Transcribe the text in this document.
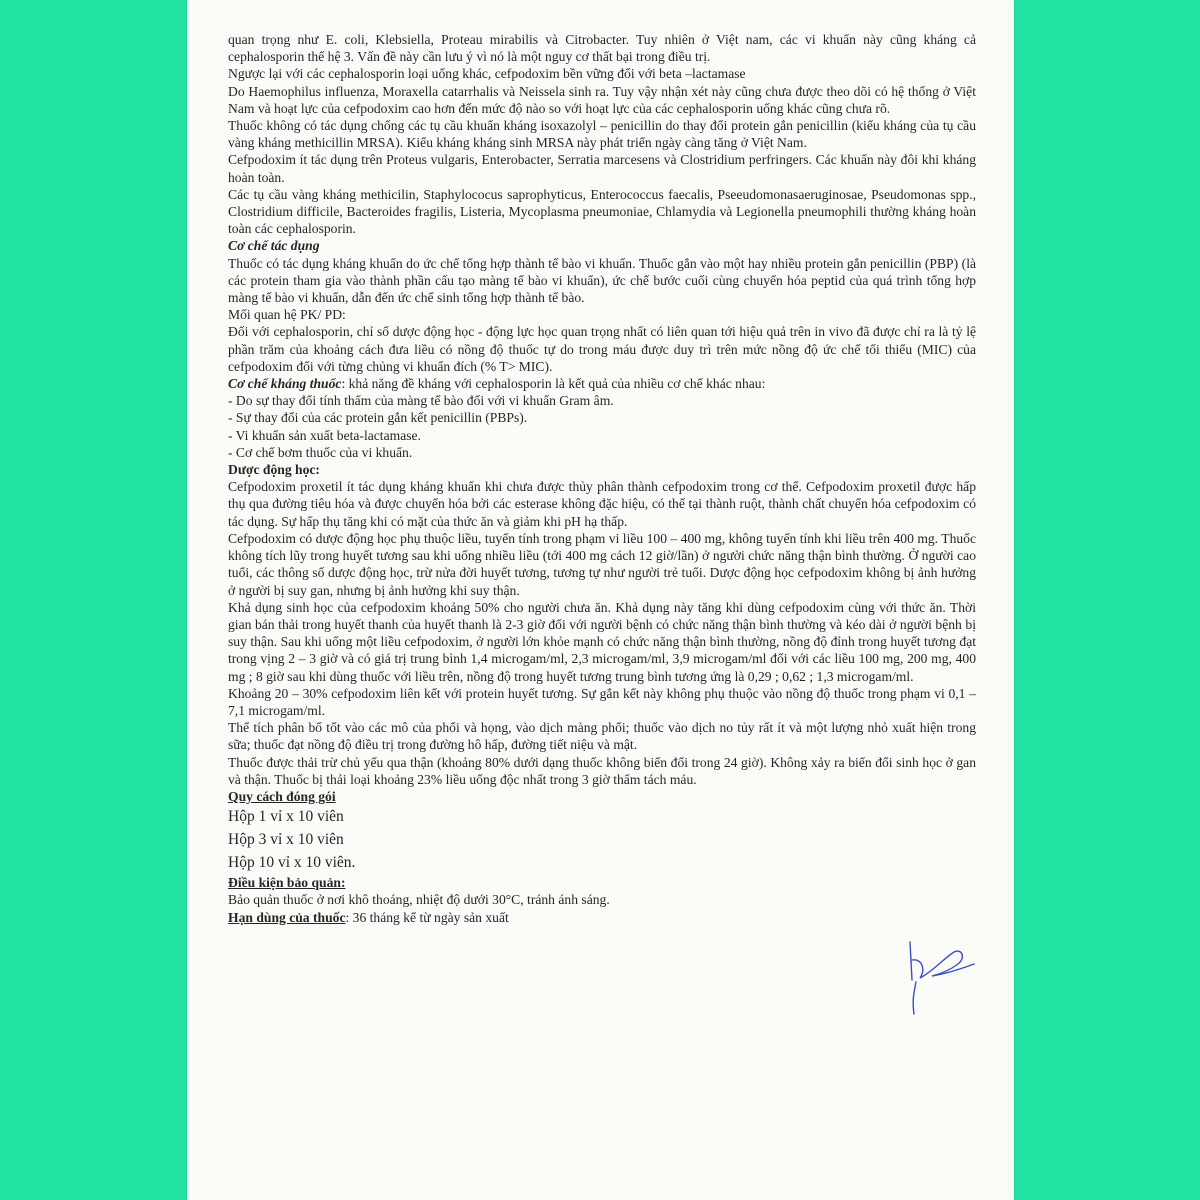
quan trọng như E. coli, Klebsiella, Proteau mirabilis và Citrobacter. Tuy nhiên ở Việt nam, các vi khuẩn này cũng kháng cả cephalosporin thế hệ 3. Vấn đề này cần lưu ý vì nó là một nguy cơ thất bại trong điều trị.

Ngược lại với các cephalosporin loại uống khác, cefpodoxim bền vững đối với beta –lactamase

Do Haemophilus influenza, Moraxella catarrhalis và Neissela sinh ra. Tuy vậy nhận xét này cũng chưa được theo dõi có hệ thống ở Việt Nam và hoạt lực của cefpodoxim cao hơn đến mức độ nào so với hoạt lực của các cephalosporin uống khác cũng chưa rõ.

Thuốc không có tác dụng chống các tụ cầu khuẩn kháng isoxazolyl – penicillin do thay đổi protein gắn penicillin (kiểu kháng của tụ cầu vàng kháng methicillin MRSA). Kiểu kháng kháng sinh MRSA này phát triển ngày càng tăng ở Việt Nam.

Cefpodoxim ít tác dụng trên Proteus vulgaris, Enterobacter, Serratia marcesens và Clostridium perfringers. Các khuẩn này đôi khi kháng hoàn toàn.

Các tụ cầu vàng kháng methicilin, Staphylococus saprophyticus, Enterococcus faecalis, Pseeudomonasaeruginosae, Pseudomonas spp., Clostridium difficile, Bacteroides fragilis, Listeria, Mycoplasma pneumoniae, Chlamydia và Legionella pneumophili thường kháng hoàn toàn các cephalosporin.

Cơ chế tác dụng

Thuốc có tác dụng kháng khuẩn do ức chế tổng hợp thành tế bào vi khuẩn. Thuốc gắn vào một hay nhiều protein gắn penicillin (PBP) (là các protein tham gia vào thành phần cấu tạo màng tế bào vi khuẩn), ức chế bước cuối cùng chuyển hóa peptid của quá trình tổng hợp màng tế bào vi khuẩn, dẫn đến ức chế sinh tổng hợp thành tế bào.

Mối quan hệ PK/ PD:

Đối với cephalosporin, chỉ số dược động học - động lực học quan trọng nhất có liên quan tới hiệu quả trên in vivo đã được chỉ ra là tỷ lệ phần trăm của khoảng cách đưa liều có nồng độ thuốc tự do trong máu được duy trì trên mức nồng độ ức chế tối thiểu (MIC) của cefpodoxim đối với từng chủng vi khuẩn đích (% T> MIC).

Cơ chế kháng thuốc: khả năng đề kháng với cephalosporin là kết quả của nhiều cơ chế khác nhau:

- Do sự thay đổi tính thấm của màng tế bào đối với vi khuẩn Gram âm.

- Sự thay đổi của các protein gắn kết penicillin (PBPs).

- Vi khuẩn sản xuất beta-lactamase.

- Cơ chế bơm thuốc của vi khuẩn.

Dược động học:

Cefpodoxim proxetil ít tác dụng kháng khuẩn khi chưa được thủy phân thành cefpodoxim trong cơ thể. Cefpodoxim proxetil được hấp thụ qua đường tiêu hóa và được chuyển hóa bởi các esterase không đặc hiệu, có thể tại thành ruột, thành chất chuyển hóa cefpodoxim có tác dụng. Sự hấp thụ tăng khi có mặt của thức ăn và giảm khi pH hạ thấp.

Cefpodoxim có dược động học phụ thuộc liều, tuyến tính trong phạm vi liều 100 – 400 mg, không tuyến tính khi liều trên 400 mg. Thuốc không tích lũy trong huyết tương sau khi uống nhiều liều (tới 400 mg cách 12 giờ/lần) ở người chức năng thận bình thường. Ở người cao tuổi, các thông số dược động học, trừ nửa đời huyết tương, tương tự như người trẻ tuổi. Dược động học cefpodoxim không bị ảnh hưởng ở người bị suy gan, nhưng bị ảnh hưởng khi suy thận.

Khả dụng sinh học của cefpodoxim khoảng 50% cho người chưa ăn. Khả dụng này tăng khi dùng cefpodoxim cùng với thức ăn. Thời gian bán thải trong huyết thanh của huyết thanh là 2-3 giờ đối với người bệnh có chức năng thận bình thường và kéo dài ở người bệnh bị suy thận. Sau khi uống một liều cefpodoxim, ở người lớn khỏe mạnh có chức năng thận bình thường, nồng độ đỉnh trong huyết tương đạt trong vịng 2 – 3 giờ và có giá trị trung bình 1,4 microgam/ml, 2,3 microgam/ml, 3,9 microgam/ml đối với các liều 100 mg, 200 mg, 400 mg ; 8 giờ sau khi dùng thuốc với liều trên, nồng độ trong huyết tương trung bình tương ứng là 0,29 ; 0,62 ; 1,3 microgam/ml.

Khoảng 20 – 30% cefpodoxim liên kết với protein huyết tương. Sự gắn kết này không phụ thuộc vào nồng độ thuốc trong phạm vi 0,1 – 7,1 microgam/ml.

Thể tích phân bố tốt vào các mô của phổi và họng, vào dịch màng phổi; thuốc vào dịch no tủy rất ít và một lượng nhỏ xuất hiện trong sữa; thuốc đạt nồng độ điều trị trong đường hô hấp, đường tiết niệu và mật.

Thuốc được thải trừ chủ yếu qua thận (khoảng 80% dưới dạng thuốc không biến đổi trong 24 giờ). Không xảy ra biến đổi sinh học ở gan và thận. Thuốc bị thải loại khoảng 23% liều uống độc nhất trong 3 giờ thẩm tách máu.

Quy cách đóng gói

Hộp 1 vỉ x 10 viên

Hộp 3 vỉ x 10 viên

Hộp 10 vỉ x 10 viên.

Điều kiện bảo quản:

Bảo quản thuốc ở nơi khô thoáng, nhiệt độ dưới 30°C, tránh ánh sáng.

Hạn dùng của thuốc: 36 tháng kể từ ngày sản xuất
